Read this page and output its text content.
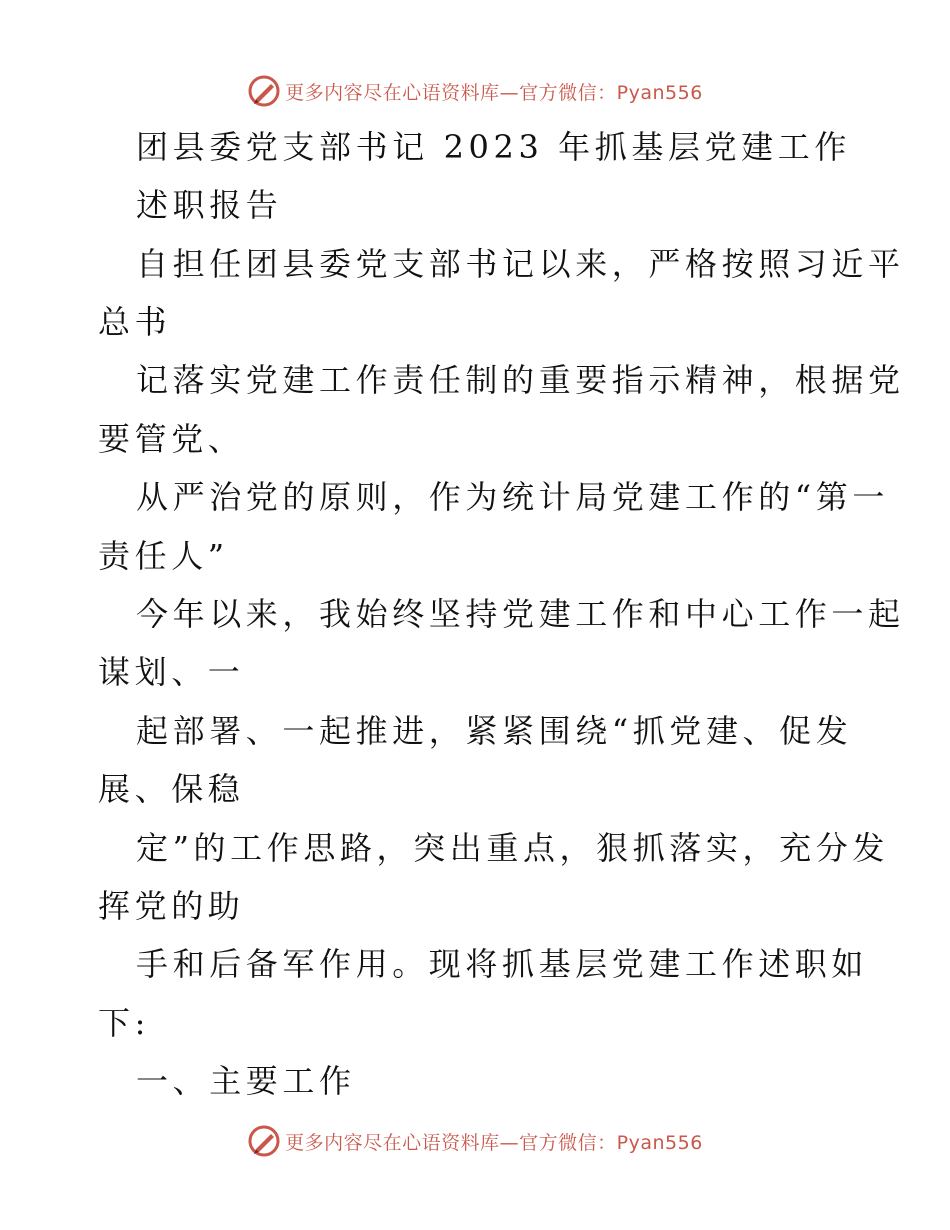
更多内容尽在心语资料库—官方微信：Pyan556
团县委党支部书记 2023 年抓基层党建工作
述职报告
自担任团县委党支部书记以来，严格按照习近平
总书
记落实党建工作责任制的重要指示精神，根据党
要管党、
从严治党的原则，作为统计局党建工作的“第一
责任人”
今年以来，我始终坚持党建工作和中心工作一起
谋划、一
起部署、一起推进，紧紧围绕“抓党建、促发
展、保稳
定”的工作思路，突出重点，狠抓落实，充分发
挥党的助
手和后备军作用。现将抓基层党建工作述职如
下:
一、主要工作
更多内容尽在心语资料库—官方微信：Pyan556
